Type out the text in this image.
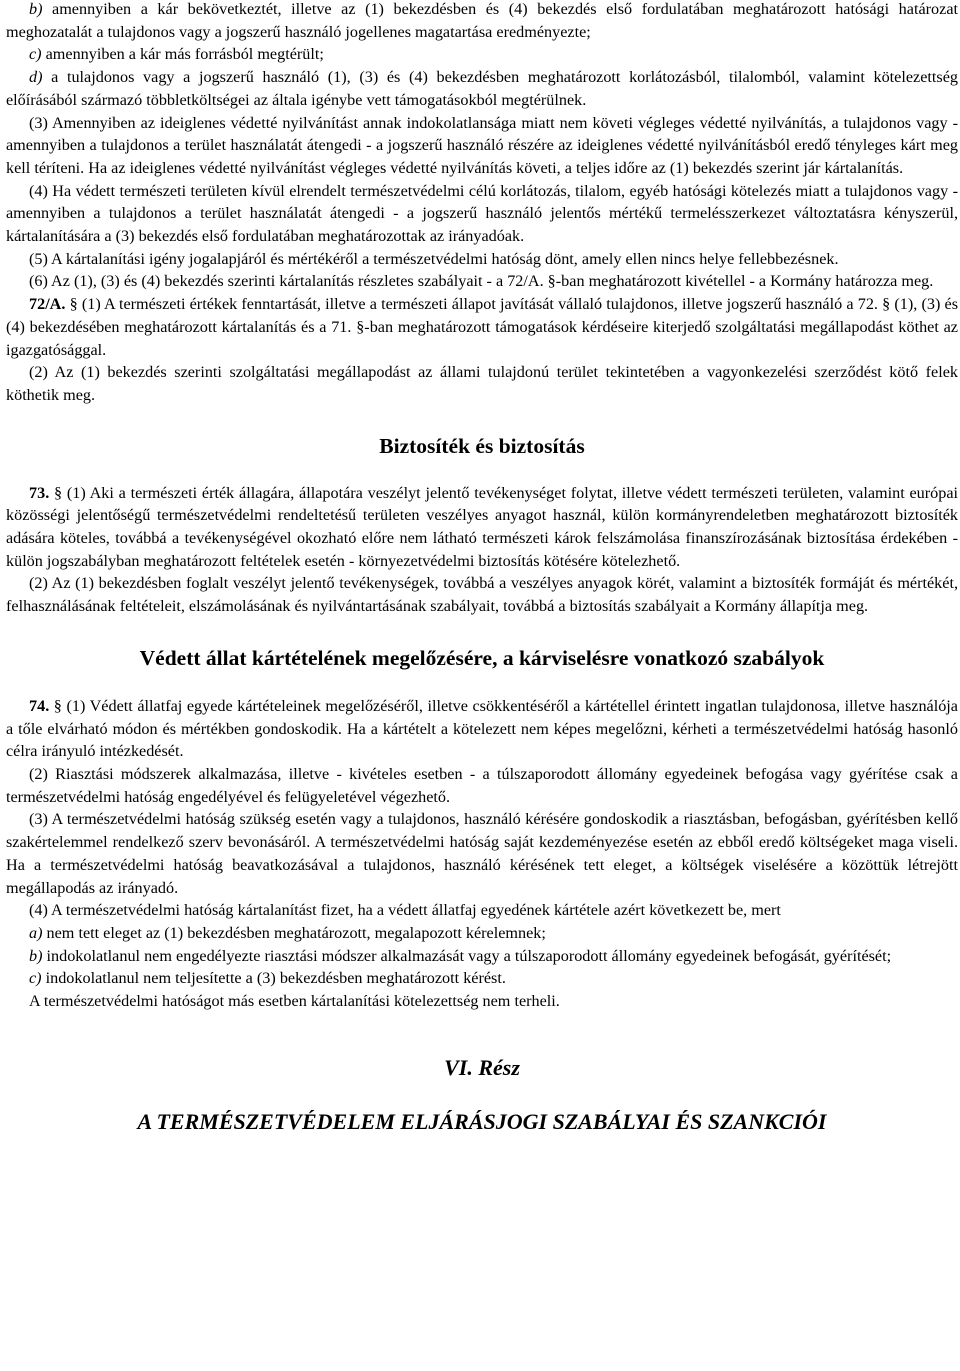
b) amennyiben a kár bekövetkeztét, illetve az (1) bekezdésben és (4) bekezdés első fordulatában meghatározott hatósági határozat meghozatalát a tulajdonos vagy a jogszerű használó jogellenes magatartása eredményezte;

c) amennyiben a kár más forrásból megtérült;

d) a tulajdonos vagy a jogszerű használó (1), (3) és (4) bekezdésben meghatározott korlátozásból, tilalomból, valamint kötelezettség előírásából származó többletköltségei az általa igénybe vett támogatásokból megtérülnek.

(3) Amennyiben az ideiglenes védetté nyilvánítást annak indokolatlansága miatt nem követi végleges védetté nyilvánítás, a tulajdonos vagy - amennyiben a tulajdonos a terület használatát átengedi - a jogszerű használó részére az ideiglenes védetté nyilvánításból eredő tényleges kárt meg kell téríteni. Ha az ideiglenes védetté nyilvánítást végleges védetté nyilvánítás követi, a teljes időre az (1) bekezdés szerint jár kártalanítás.

(4) Ha védett természeti területen kívül elrendelt természetvédelmi célú korlátozás, tilalom, egyéb hatósági kötelezés miatt a tulajdonos vagy - amennyiben a tulajdonos a terület használatát átengedi - a jogszerű használó jelentős mértékű termelésszerkezet változtatásra kényszerül, kártalanítására a (3) bekezdés első fordulatában meghatározottak az irányadóak.

(5) A kártalanítási igény jogalapjáról és mértékéről a természetvédelmi hatóság dönt, amely ellen nincs helye fellebbezésnek.

(6) Az (1), (3) és (4) bekezdés szerinti kártalanítás részletes szabályait - a 72/A. §-ban meghatározott kivétellel - a Kormány határozza meg.

72/A. § (1) A természeti értékek fenntartását, illetve a természeti állapot javítását vállaló tulajdonos, illetve jogszerű használó a 72. § (1), (3) és (4) bekezdésében meghatározott kártalanítás és a 71. §-ban meghatározott támogatások kérdéseire kiterjedő szolgáltatási megállapodást köthet az igazgatósággal.

(2) Az (1) bekezdés szerinti szolgáltatási megállapodást az állami tulajdonú terület tekintetében a vagyonkezelési szerződést kötő felek köthetik meg.

Biztosíték és biztosítás

73. § (1) Aki a természeti érték állagára, állapotára veszélyt jelentő tevékenységet folytat, illetve védett természeti területen, valamint európai közösségi jelentőségű természetvédelmi rendeltetésű területen veszélyes anyagot használ, külön kormányrendeletben meghatározott biztosíték adására köteles, továbbá a tevékenységével okozható előre nem látható természeti károk felszámolása finanszírozásának biztosítása érdekében - külön jogszabályban meghatározott feltételek esetén - környezetvédelmi biztosítás kötésére kötelezhető.

(2) Az (1) bekezdésben foglalt veszélyt jelentő tevékenységek, továbbá a veszélyes anyagok körét, valamint a biztosíték formáját és mértékét, felhasználásának feltételeit, elszámolásának és nyilvántartásának szabályait, továbbá a biztosítás szabályait a Kormány állapítja meg.

Védett állat kártételének megelőzésére, a kárviselésre vonatkozó szabályok

74. § (1) Védett állatfaj egyede kártételeinek megelőzéséről, illetve csökkentéséről a kártétellel érintett ingatlan tulajdonosa, illetve használója a tőle elvárható módon és mértékben gondoskodik. Ha a kártételt a kötelezett nem képes megelőzni, kérheti a természetvédelmi hatóság hasonló célra irányuló intézkedését.

(2) Riasztási módszerek alkalmazása, illetve - kivételes esetben - a túlszaporodott állomány egyedeinek befogása vagy gyérítése csak a természetvédelmi hatóság engedélyével és felügyeletével végezhető.

(3) A természetvédelmi hatóság szükség esetén vagy a tulajdonos, használó kérésére gondoskodik a riasztásban, befogásban, gyérítésben kellő szakértelemmel rendelkező szerv bevonásáról. A természetvédelmi hatóság saját kezdeményezése esetén az ebből eredő költségeket maga viseli. Ha a természetvédelmi hatóság beavatkozásával a tulajdonos, használó kérésének tett eleget, a költségek viselésére a közöttük létrejött megállapodás az irányadó.

(4) A természetvédelmi hatóság kártalanítást fizet, ha a védett állatfaj egyedének kártétele azért következett be, mert

a) nem tett eleget az (1) bekezdésben meghatározott, megalapozott kérelemnek;

b) indokolatlanul nem engedélyezte riasztási módszer alkalmazását vagy a túlszaporodott állomány egyedeinek befogását, gyérítését;

c) indokolatlanul nem teljesítette a (3) bekezdésben meghatározott kérést.

A természetvédelmi hatóságot más esetben kártalanítási kötelezettség nem terheli.

VI. Rész
A TERMÉSZETVÉDELEM ELJÁRÁSJOGI SZABÁLYAI ÉS SZANKCIÓI
